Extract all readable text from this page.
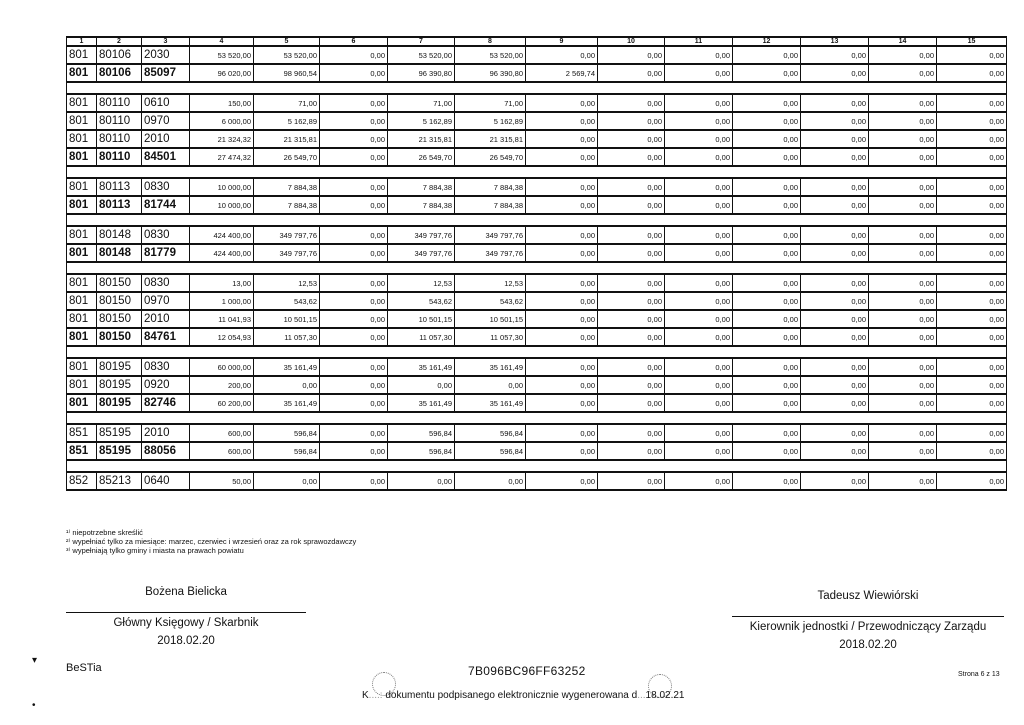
1	2	3	4	5	6	7	8	9	10	11	12	13	14	15
801	80106	2030	53 520,00	53 520,00	0,00	53 520,00	53 520,00	0,00	0,00	0,00	0,00	0,00	0,00	0,00
801	80106	85097	96 020,00	98 960,54	0,00	96 390,80	96 390,80	2 569,74	0,00	0,00	0,00	0,00	0,00	0,00

801	80110	0610	150,00	71,00	0,00	71,00	71,00	0,00	0,00	0,00	0,00	0,00	0,00	0,00
801	80110	0970	6 000,00	5 162,89	0,00	5 162,89	5 162,89	0,00	0,00	0,00	0,00	0,00	0,00	0,00
801	80110	2010	21 324,32	21 315,81	0,00	21 315,81	21 315,81	0,00	0,00	0,00	0,00	0,00	0,00	0,00
801	80110	84501	27 474,32	26 549,70	0,00	26 549,70	26 549,70	0,00	0,00	0,00	0,00	0,00	0,00	0,00

801	80113	0830	10 000,00	7 884,38	0,00	7 884,38	7 884,38	0,00	0,00	0,00	0,00	0,00	0,00	0,00
801	80113	81744	10 000,00	7 884,38	0,00	7 884,38	7 884,38	0,00	0,00	0,00	0,00	0,00	0,00	0,00

801	80148	0830	424 400,00	349 797,76	0,00	349 797,76	349 797,76	0,00	0,00	0,00	0,00	0,00	0,00	0,00
801	80148	81779	424 400,00	349 797,76	0,00	349 797,76	349 797,76	0,00	0,00	0,00	0,00	0,00	0,00	0,00

801	80150	0830	13,00	12,53	0,00	12,53	12,53	0,00	0,00	0,00	0,00	0,00	0,00	0,00
801	80150	0970	1 000,00	543,62	0,00	543,62	543,62	0,00	0,00	0,00	0,00	0,00	0,00	0,00
801	80150	2010	11 041,93	10 501,15	0,00	10 501,15	10 501,15	0,00	0,00	0,00	0,00	0,00	0,00	0,00
801	80150	84761	12 054,93	11 057,30	0,00	11 057,30	11 057,30	0,00	0,00	0,00	0,00	0,00	0,00	0,00

801	80195	0830	60 000,00	35 161,49	0,00	35 161,49	35 161,49	0,00	0,00	0,00	0,00	0,00	0,00	0,00
801	80195	0920	200,00	0,00	0,00	0,00	0,00	0,00	0,00	0,00	0,00	0,00	0,00	0,00
801	80195	82746	60 200,00	35 161,49	0,00	35 161,49	35 161,49	0,00	0,00	0,00	0,00	0,00	0,00	0,00

851	85195	2010	600,00	596,84	0,00	596,84	596,84	0,00	0,00	0,00	0,00	0,00	0,00	0,00
851	85195	88056	600,00	596,84	0,00	596,84	596,84	0,00	0,00	0,00	0,00	0,00	0,00	0,00

852	85213	0640	50,00	0,00	0,00	0,00	0,00	0,00	0,00	0,00	0,00	0,00	0,00	0,00
¹⁾ niepotrzebne skreślić
²⁾ wypełniać tylko za miesiące: marzec, czerwiec i wrzesień oraz za rok sprawozdawczy
³⁾ wypełniają tylko gminy i miasta na prawach powiatu
Bożena Bielicka
Główny Księgowy / Skarbnik
2018.02.20
Tadeusz Wiewiórski
Kierownik jednostki / Przewodniczący Zarządu
2018.02.20
▾
•
BeSTia	7B096BC96FF63252
K....: dokumentu podpisanego elektronicznie wygenerowana d...18.02.21
Strona 6 z 13
